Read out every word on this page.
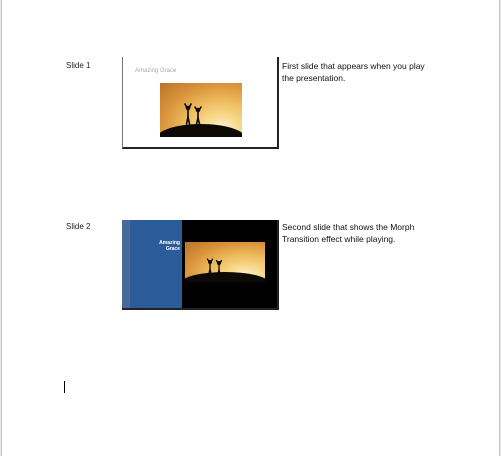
Slide 1
Amazing Grace	First slide that appears when you play the presentation.
Slide 2
Amazing Grace
Second slide that shows the Morph Transition effect while playing.
